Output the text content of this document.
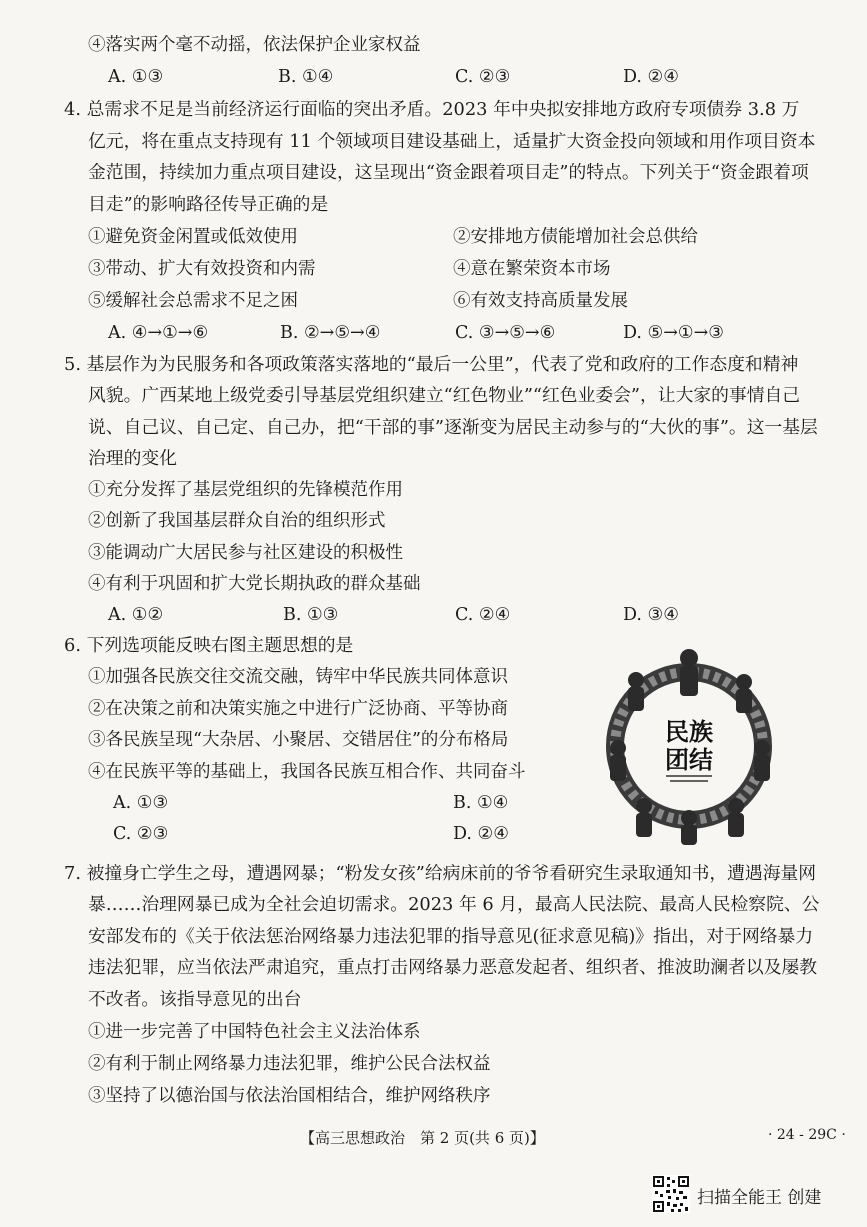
④落实两个毫不动摇，依法保护企业家权益
A. ①③	B. ①④	C. ②③	D. ②④
4. 总需求不足是当前经济运行面临的突出矛盾。2023 年中央拟安排地方政府专项债券 3.8 万
亿元，将在重点支持现有 11 个领域项目建设基础上，适量扩大资金投向领域和用作项目资本
金范围，持续加力重点项目建设，这呈现出“资金跟着项目走”的特点。下列关于“资金跟着项
目走”的影响路径传导正确的是
①避免资金闲置或低效使用	②安排地方债能增加社会总供给
③带动、扩大有效投资和内需	④意在繁荣资本市场
⑤缓解社会总需求不足之困	⑥有效支持高质量发展
A. ④→①→⑥	B. ②→⑤→④	C. ③→⑤→⑥	D. ⑤→①→③
5. 基层作为为民服务和各项政策落实落地的“最后一公里”，代表了党和政府的工作态度和精神
风貌。广西某地上级党委引导基层党组织建立“红色物业”“红色业委会”，让大家的事情自己
说、自己议、自己定、自己办，把“干部的事”逐渐变为居民主动参与的“大伙的事”。这一基层
治理的变化
①充分发挥了基层党组织的先锋模范作用
②创新了我国基层群众自治的组织形式
③能调动广大居民参与社区建设的积极性
④有利于巩固和扩大党长期执政的群众基础
A. ①②	B. ①③	C. ②④	D. ③④
6. 下列选项能反映右图主题思想的是
①加强各民族交往交流交融，铸牢中华民族共同体意识
②在决策之前和决策实施之中进行广泛协商、平等协商
③各民族呈现“大杂居、小聚居、交错居住”的分布格局
④在民族平等的基础上，我国各民族互相合作、共同奋斗
A. ①③	B. ①④
C. ②③	D. ②④
民族
团结
7. 被撞身亡学生之母，遭遇网暴；“粉发女孩”给病床前的爷爷看研究生录取通知书，遭遇海量网
暴……治理网暴已成为全社会迫切需求。2023 年 6 月，最高人民法院、最高人民检察院、公
安部发布的《关于依法惩治网络暴力违法犯罪的指导意见(征求意见稿)》指出，对于网络暴力
违法犯罪，应当依法严肃追究，重点打击网络暴力恶意发起者、组织者、推波助澜者以及屡教
不改者。该指导意见的出台
①进一步完善了中国特色社会主义法治体系
②有利于制止网络暴力违法犯罪，维护公民合法权益
③坚持了以德治国与依法治国相结合，维护网络秩序
【高三思想政治　第 2 页(共 6 页)】	· 24 - 29C ·
扫描全能王 创建
